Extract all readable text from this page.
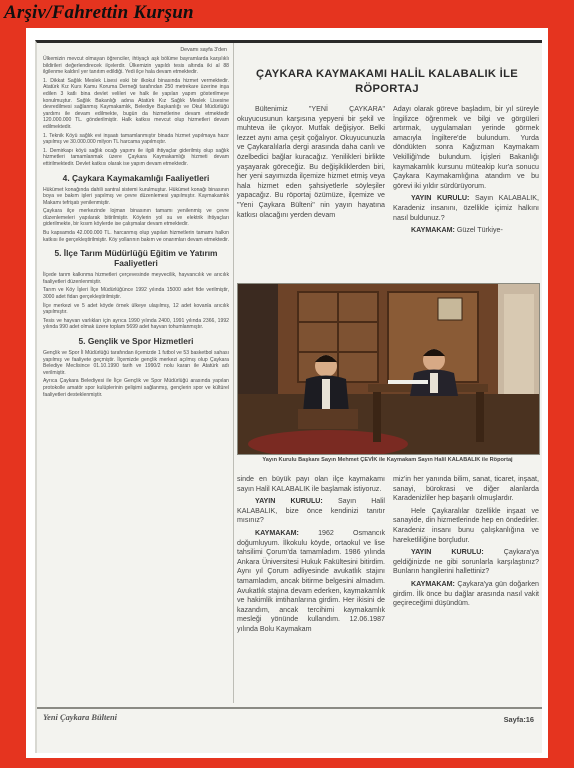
Arşiv/Fahrettin Kurşun
Devamı sayfa 3'den

Ülkemizin mevcut olmayan öğrenciler, ihtiyaçlı aşk bölüme bayramlarda karşılıklı bildirileri değerlendirecek ilçelerdir. Ülkemizin yapıldı tesis altında iki al 88 ilgilenme kaldırıl yer tanıtım edildiği. Yedi ilçe hala devam etmektedir.

1. Dikkat Sağlık Meslek Lisesi eski bir ilkokul binasında hizmet vermektedir. Atatürk Kız Kurs Kamu Koruma Derneği tarafından 250 metrekare üzerine inşa edilen 3 katlı bina devlet velileri ve halk ile yapılan yapım gösterilmeye konulmuştur. Sağlık Bakanlığı adına Atatürk Kız Sağlık Meslek Lisesine devredilmesi sağlanmış Kaymakamlık, Belediye Başkanlığı ve Okul Müdürlüğü yardımı ile devam edilmekte, bugün da hizmetlerine devam etmektedir 120.000.000 TL. gönderilmiştir. Halk katkısı mevcut olup hizmetleri devam edilmektedir.

1. Teknik Köyü sağlık evi inşaatı tamamlanmıştır binada hizmet yapılmaya hazır yapılmış ve 30.000.000 milyon TL harcama yapılmıştır.

1. Demirkapı köyü sağlık ocağı yapımı ile ilgili ihtiyaçlar giderilmiş olup sağlık hizmetleri tamamlanmak üzere Çaykara Kaymakamlığı hizmeti devam ettirilmektedir. Devlet katkısı olarak ise yapım devam etmektedir.

4. Çaykara Kaymakamlığı Faaliyetleri

Hükümet konağında dahili santral sistemi kurulmuştur. Hükümet konağı binasının boya ve bakım işleri yapılmış ve çevre düzenlemesi yapılmıştır. Kaymakamlık Makamı tefrişatı yenilenmiştir.

Çaykara ilçe merkezinde lojman binasının tamamı yenilenmiş ve çevre düzenlemeleri yapılarak bitirilmiştir. Köylerin yol su ve elektrik ihtiyaçları giderilmekte, bir kısım köylerde ise çalışmalar devam etmektedir.

Bu kapsamda 42.000.000 TL. harcanmış olup yapılan hizmetlerin tamamı halkın katkısı ile gerçekleştirilmiştir. Köy yollarının bakım ve onarımları devam etmektedir.

5. İlçe Tarım Müdürlüğü Eğitim ve Yatırım Faaliyetleri

İlçede tarım kalkınma hizmetleri çerçevesinde meyvecilik, hayvancılık ve arıcılık faaliyetleri düzenlenmiştir.

Tarım ve Köy İşleri İlçe Müdürlüğünce 1992 yılında 15000 adet fide verilmiştir, 3000 adet fidan gerçekleştirilmiştir.

İlçe merkezi ve 5 adet köyde örnek ülkeye ulaşılmış, 12 adet kovanla arıcılık yapılmıştır.

Tesis ve hayvan varlıkları için ayrıca 1990 yılında 2400, 1991 yılında 2366, 1992 yılında 990 adet olmak üzere toplam 5699 adet hayvan tohumlanmıştır.

5. Gençlik ve Spor Hizmetleri

Gençlik ve Spor İl Müdürlüğü tarafından ilçemizde 1 futbol ve 53 basketbol sahası yapılmış ve faaliyete geçmiştir. İlçemizde gençlik merkezi açılmış olup Çaykara Belediye Meclisince 01.10.1990 tarih ve 1990/2 nolu kararı ile Atatürk adı verilmiştir.

Ayrıca Çaykara Belediyesi ile İlçe Gençlik ve Spor Müdürlüğü arasında yapılan protokolle amatör spor kulüplerinin gelişimi sağlanmış, gençlerin spor ve kültürel faaliyetleri desteklenmiştir.

ÇAYKARA KAYMAKAMI HALİL KALABALIK İLE RÖPORTAJ

Bültenimiz "YENİ ÇAYKARA" okuyucusunun karşısına yepyeni bir şekil ve muhteva ile çıkıyor. Mutfak değişiyor. Belki lezzet aynı ama çeşit çoğalıyor. Okuyucunuzla ve Çaykaralılarla dergi arasında daha canlı ve özelbedici bağlar kuracağız. Yenilikleri birlikte yaşayarak göreceğiz. Bu değişikliklerden biri, her yeni sayımızda ilçemize hizmet etmiş veya hala hizmet eden şahsiyetlerle söyleşiler yapacağız. Bu röportaj özümüze, ilçemize ve "Yeni Çaykara Bülteni" nin yayın hayatına katkısı olacağını yerden devam

Adayı olarak göreve başladım, bir yıl süreyle İngilizce öğrenmek ve bilgi ve görgüleri artırmak, uygulamaları yerinde görmek amacıyla İngiltere'de bulundum. Yurda döndükten sonra Kağızman Kaymakam Vekilliği'nde bulundum. İçişleri Bakanlığı kaymakamlık kursunu müteakip kur'a sonucu Çaykara Kaymakamlığına atandım ve bu görevi iki yıldır sürdürüyorum.

YAYIN KURULU: Sayın KALABALIK, Karadeniz insanını, özellikle içimiz halkını nasıl buldunuz.?

KAYMAKAM: Güzel Türkiye-

Yayın Kurulu Başkanı Sayın Mehmet ÇEVİK ile Kaymakam Sayın Halil KALABALIK ile Röportaj

sinde en büyük payı olan ilçe kaymakamı sayın Halil KALABALIK ile başlamak istiyoruz.

YAYIN KURULU: Sayın Halil KALABALIK, bize önce kendinizi tanıtır mısınız?

KAYMAKAM:	1962 Osmancık doğumluyum. İlkokulu köyde, ortaokul ve lise tahsilimi Çorum'da tamamladım. 1986 yılında Ankara Üniversitesi Hukuk Fakültesini bitirdim. Aynı yıl Çorum adliyesinde avukatlık stajını tamamladım, ancak bitirme belgesini almadım. Avukatlık stajına devam ederken, kaymakamlık ve hakimlik imtihanlarına girdim. Her ikisini de kazandım, ancak tercihimi kaymakamlık mesleği yönünde kullandım. 12.06.1987 yılında Bolu Kaymakam

miz'in her yanında bilim, sanat, ticaret, inşaat, sanayi, bürokrasi ve diğer alanlarda Karadenizliler hep başarılı olmuşlardır.

Hele Çaykaralılar özellikle inşaat ve sanayide, din hizmetlerinde hep en öndedirler. Karadeniz insanı bunu çalışkanlığına ve hareketliliğine borçludur.

YAYIN KURULU:	Çaykara'ya geldiğinizde ne gibi sorunlarla karşılaştınız? Bunların hangilerini hallettiniz?

KAYMAKAM: Çaykara'ya gün doğarken girdim. İlk önce bu dağlar arasında nasıl vakit geçireceğimi düşündüm.

Yeni Çaykara Bülteni	Sayfa:16
